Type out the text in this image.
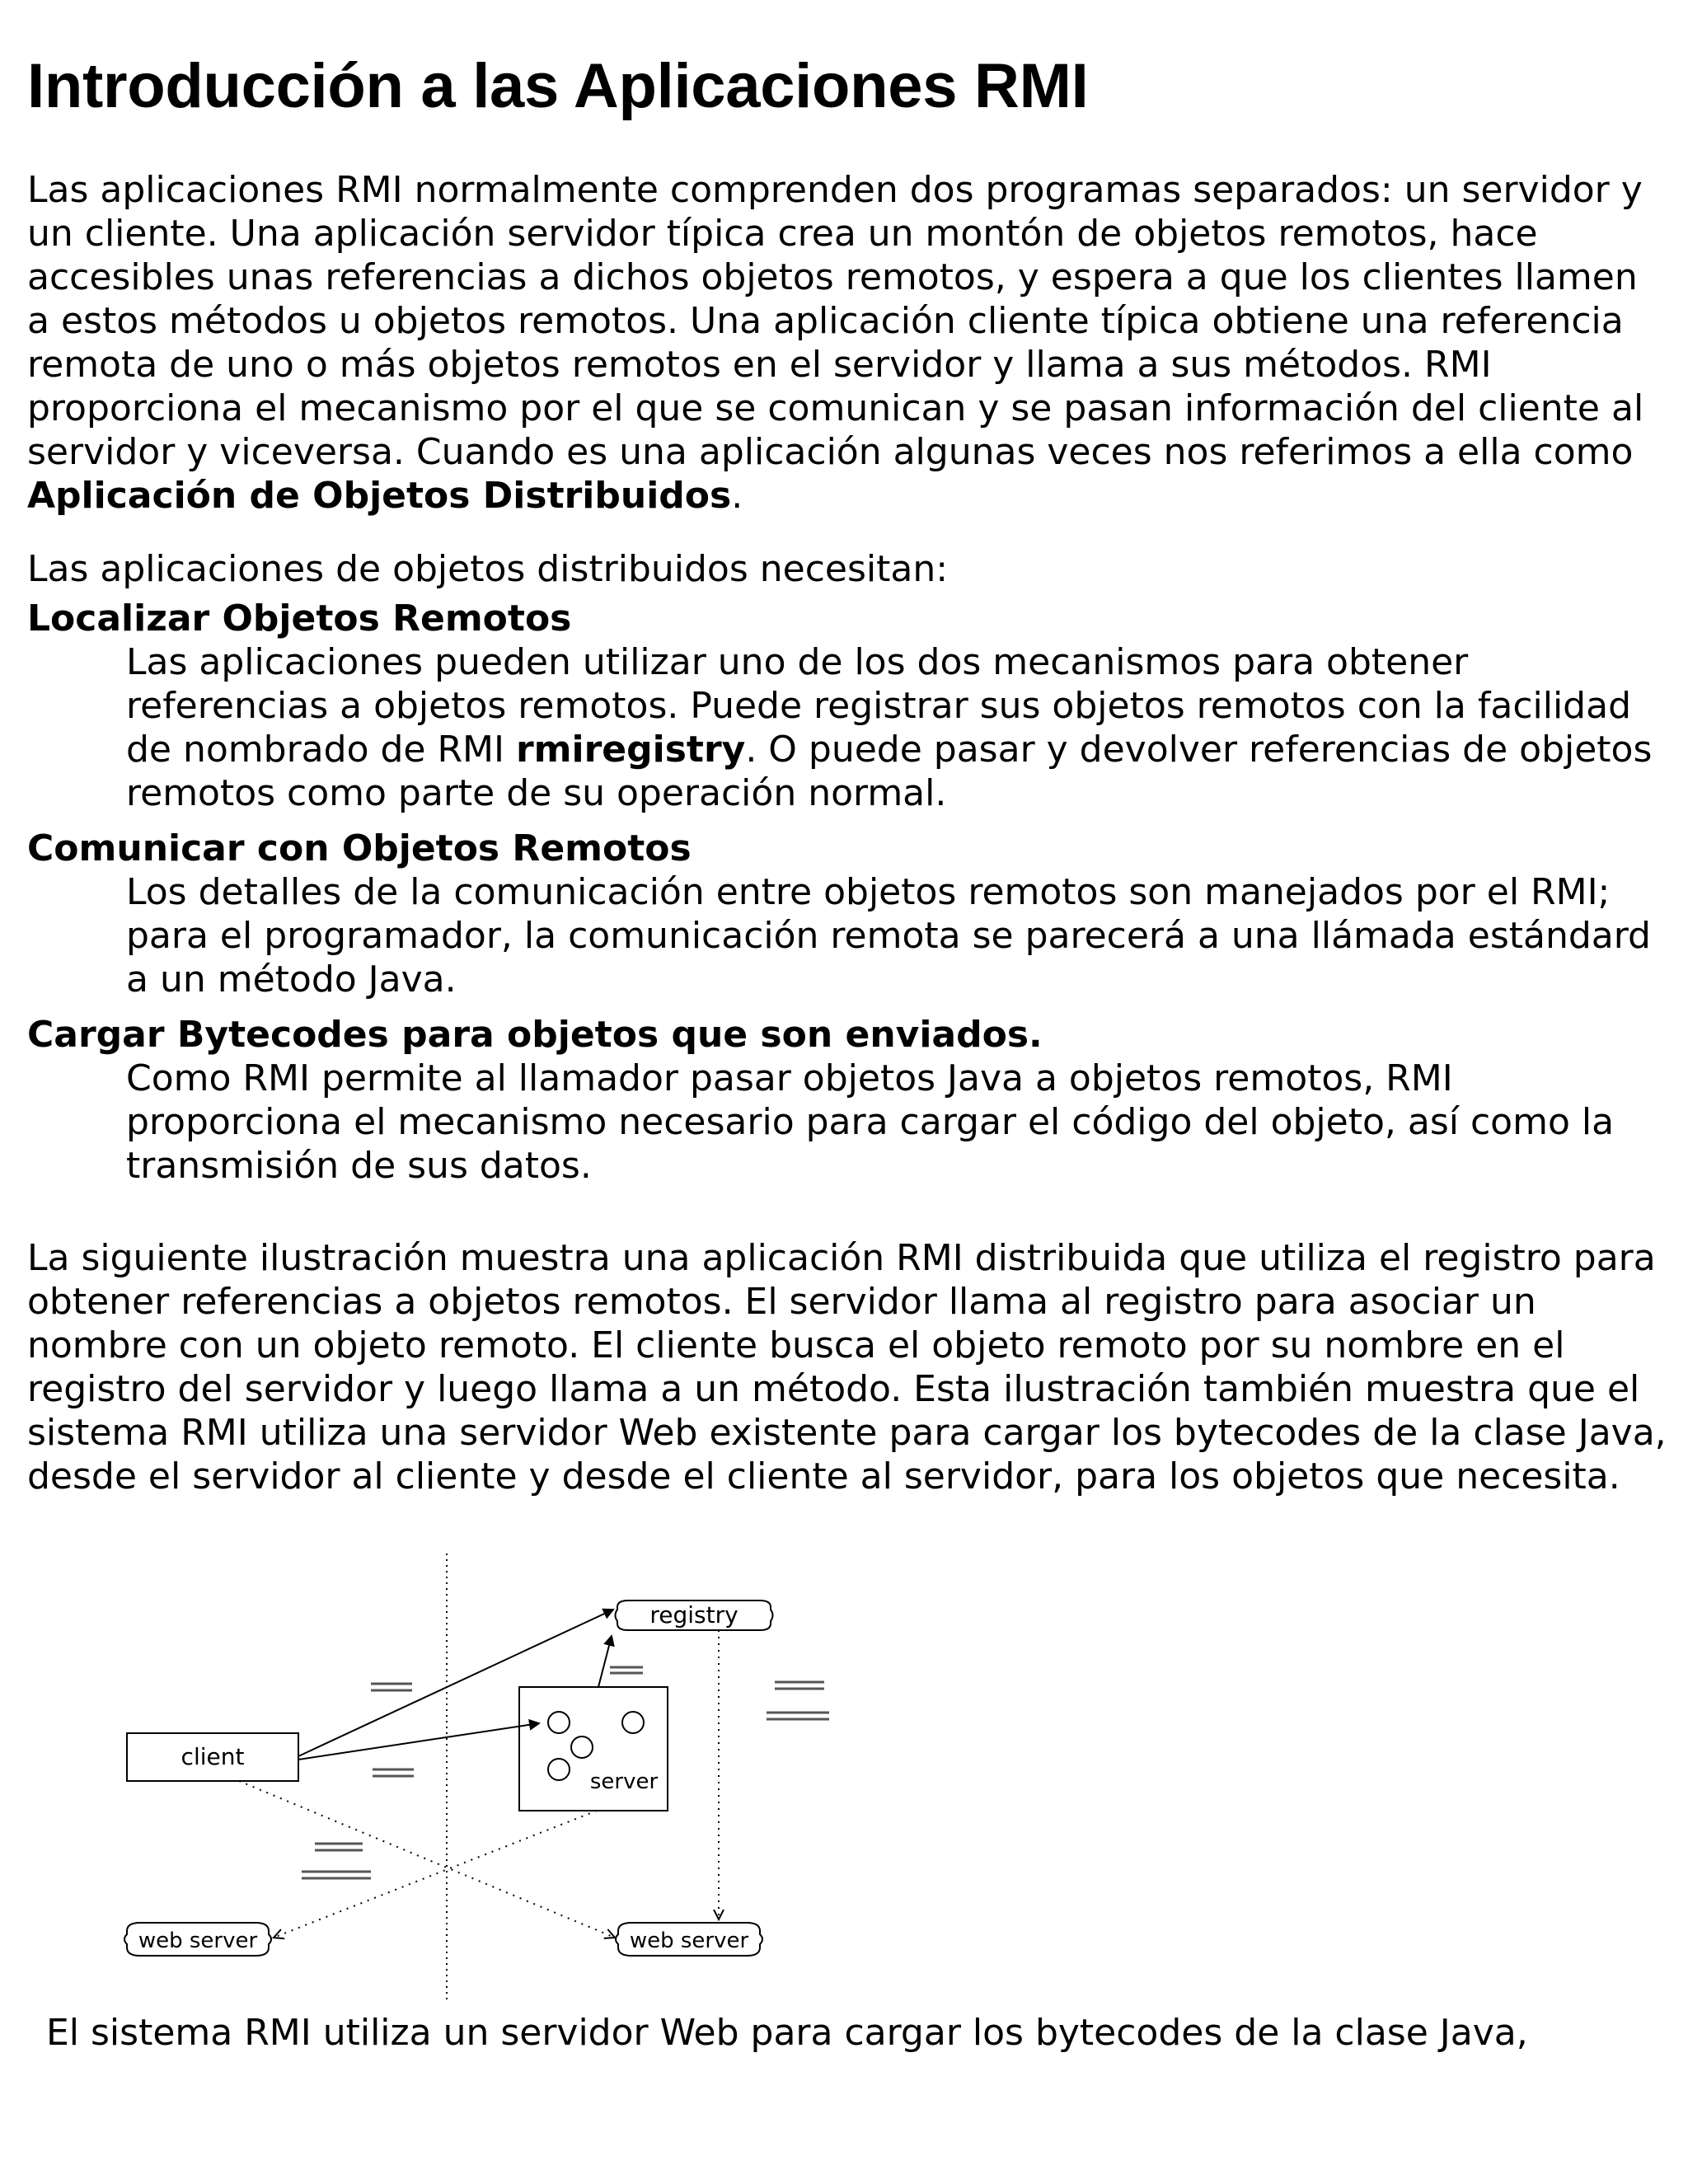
Introducción a las Aplicaciones RMI

Las aplicaciones RMI normalmente comprenden dos programas separados: un servidor y un cliente. Una aplicación servidor típica crea un montón de objetos remotos, hace accesibles unas referencias a dichos objetos remotos, y espera a que los clientes llamen a estos métodos u objetos remotos. Una aplicación cliente típica obtiene una referencia remota de uno o más objetos remotos en el servidor y llama a sus métodos. RMI proporciona el mecanismo por el que se comunican y se pasan información del cliente al servidor y viceversa. Cuando es una aplicación algunas veces nos referimos a ella como Aplicación de Objetos Distribuidos.

Las aplicaciones de objetos distribuidos necesitan:

Localizar Objetos Remotos
Las aplicaciones pueden utilizar uno de los dos mecanismos para obtener referencias a objetos remotos. Puede registrar sus objetos remotos con la facilidad de nombrado de RMI rmiregistry. O puede pasar y devolver referencias de objetos remotos como parte de su operación normal.
Comunicar con Objetos Remotos
Los detalles de la comunicación entre objetos remotos son manejados por el RMI; para el programador, la comunicación remota se parecerá a una llámada estándard a un método Java.
Cargar Bytecodes para objetos que son enviados.
Como RMI permite al llamador pasar objetos Java a objetos remotos, RMI proporciona el mecanismo necesario para cargar el código del objeto, así como la transmisión de sus datos.

La siguiente ilustración muestra una aplicación RMI distribuida que utiliza el registro para obtener referencias a objetos remotos. El servidor llama al registro para asociar un nombre con un objeto remoto. El cliente busca el objeto remoto por su nombre en el registro del servidor y luego llama a un método. Esta ilustración también muestra que el sistema RMI utiliza una servidor Web existente para cargar los bytecodes de la clase Java, desde el servidor al cliente y desde el cliente al servidor, para los objetos que necesita.

registry
server
client
web server	web server

El sistema RMI utiliza un servidor Web para cargar los bytecodes de la clase Java,
